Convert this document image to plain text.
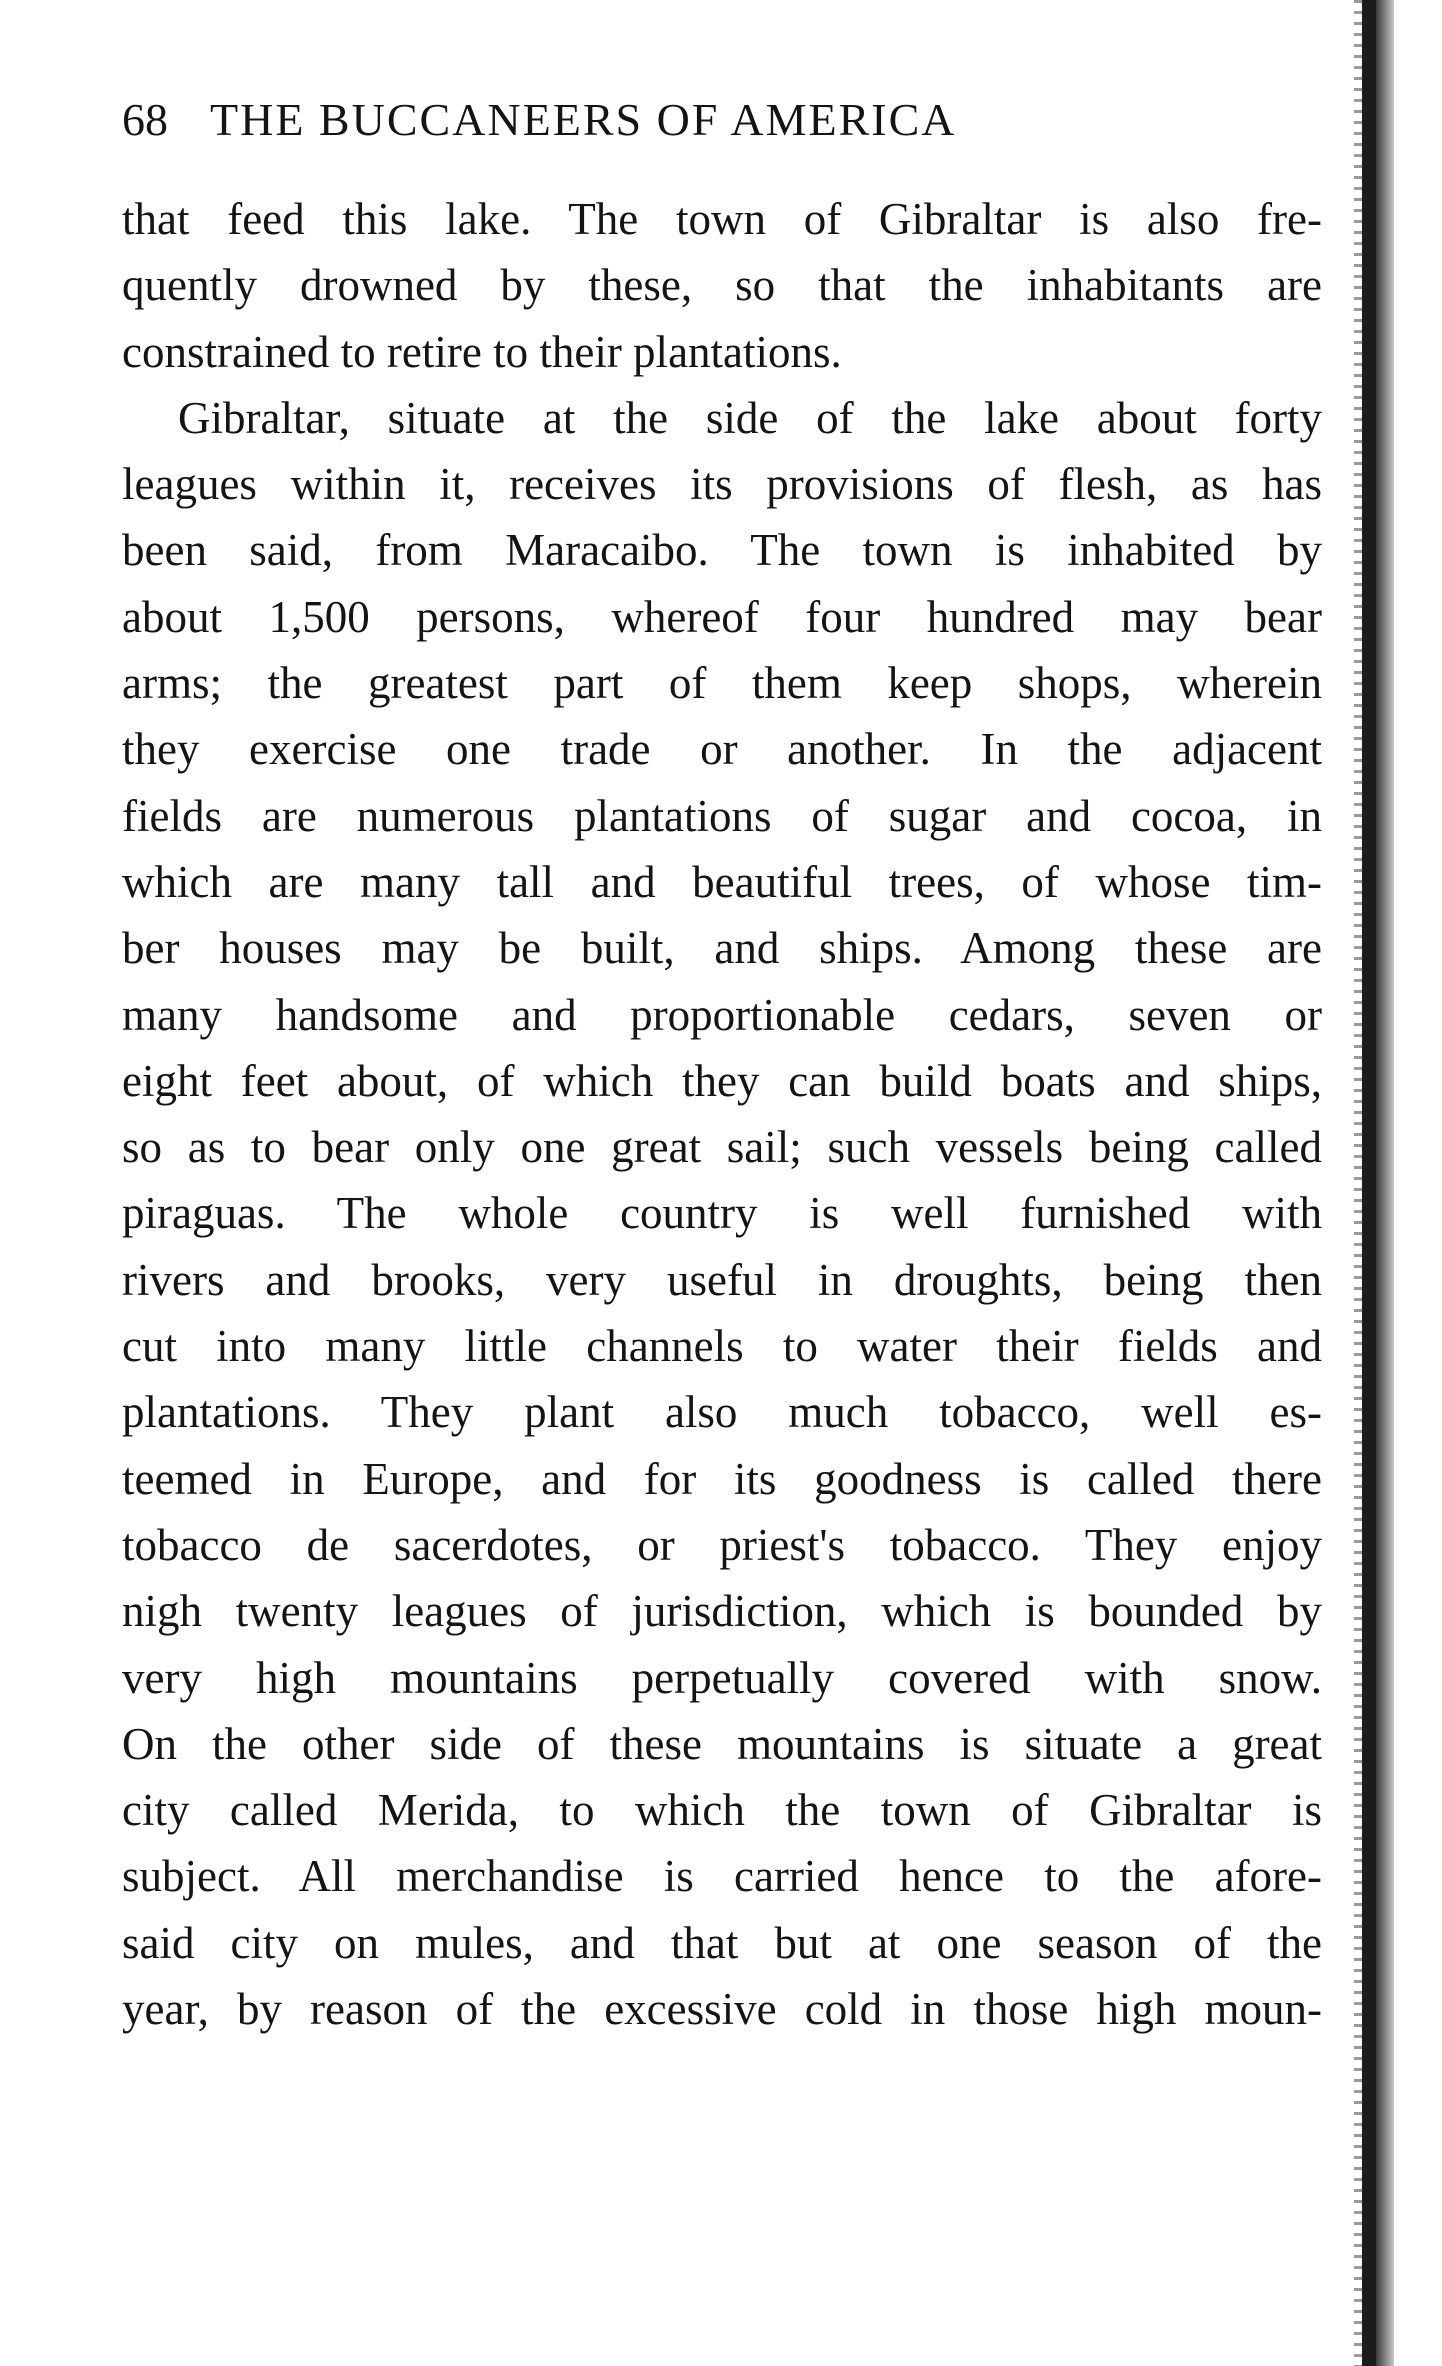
68 THE BUCCANEERS OF AMERICA
that feed this lake. The town of Gibraltar is also fre-
quently drowned by these, so that the inhabitants are
constrained to retire to their plantations.
Gibraltar, situate at the side of the lake about forty
leagues within it, receives its provisions of flesh, as has
been said, from Maracaibo. The town is inhabited by
about 1,500 persons, whereof four hundred may bear
arms; the greatest part of them keep shops, wherein
they exercise one trade or another. In the adjacent
fields are numerous plantations of sugar and cocoa, in
which are many tall and beautiful trees, of whose tim-
ber houses may be built, and ships. Among these are
many handsome and proportionable cedars, seven or
eight feet about, of which they can build boats and ships,
so as to bear only one great sail; such vessels being called
piraguas. The whole country is well furnished with
rivers and brooks, very useful in droughts, being then
cut into many little channels to water their fields and
plantations. They plant also much tobacco, well es-
teemed in Europe, and for its goodness is called there
tobacco de sacerdotes, or priest's tobacco. They enjoy
nigh twenty leagues of jurisdiction, which is bounded by
very high mountains perpetually covered with snow.
On the other side of these mountains is situate a great
city called Merida, to which the town of Gibraltar is
subject. All merchandise is carried hence to the afore-
said city on mules, and that but at one season of the
year, by reason of the excessive cold in those high moun-
